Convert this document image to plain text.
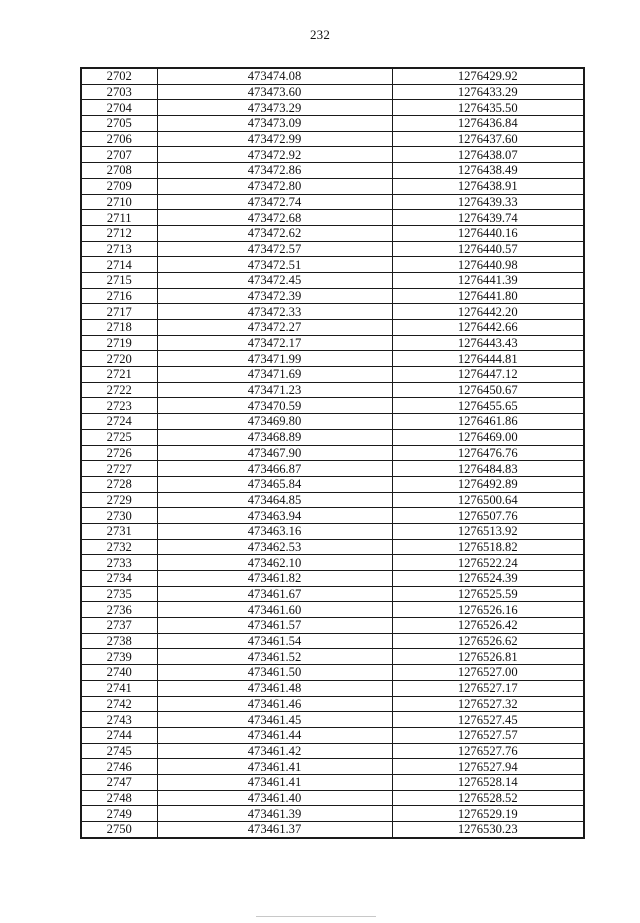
232
2702	473474.08	1276429.92
2703	473473.60	1276433.29
2704	473473.29	1276435.50
2705	473473.09	1276436.84
2706	473472.99	1276437.60
2707	473472.92	1276438.07
2708	473472.86	1276438.49
2709	473472.80	1276438.91
2710	473472.74	1276439.33
2711	473472.68	1276439.74
2712	473472.62	1276440.16
2713	473472.57	1276440.57
2714	473472.51	1276440.98
2715	473472.45	1276441.39
2716	473472.39	1276441.80
2717	473472.33	1276442.20
2718	473472.27	1276442.66
2719	473472.17	1276443.43
2720	473471.99	1276444.81
2721	473471.69	1276447.12
2722	473471.23	1276450.67
2723	473470.59	1276455.65
2724	473469.80	1276461.86
2725	473468.89	1276469.00
2726	473467.90	1276476.76
2727	473466.87	1276484.83
2728	473465.84	1276492.89
2729	473464.85	1276500.64
2730	473463.94	1276507.76
2731	473463.16	1276513.92
2732	473462.53	1276518.82
2733	473462.10	1276522.24
2734	473461.82	1276524.39
2735	473461.67	1276525.59
2736	473461.60	1276526.16
2737	473461.57	1276526.42
2738	473461.54	1276526.62
2739	473461.52	1276526.81
2740	473461.50	1276527.00
2741	473461.48	1276527.17
2742	473461.46	1276527.32
2743	473461.45	1276527.45
2744	473461.44	1276527.57
2745	473461.42	1276527.76
2746	473461.41	1276527.94
2747	473461.41	1276528.14
2748	473461.40	1276528.52
2749	473461.39	1276529.19
2750	473461.37	1276530.23
